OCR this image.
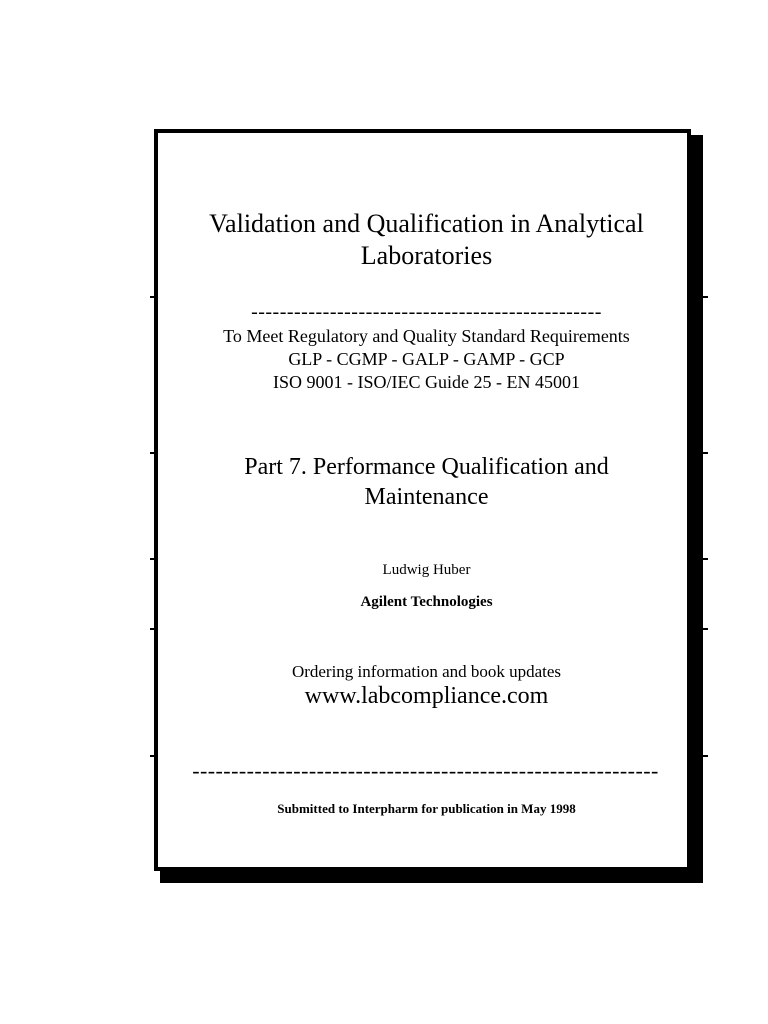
Validation and Qualification in Analytical
Laboratories
-------------------------------------------------
To Meet Regulatory and Quality Standard Requirements
GLP - CGMP - GALP - GAMP - GCP
ISO 9001 - ISO/IEC Guide 25 - EN 45001
Part 7. Performance Qualification and
Maintenance
Ludwig Huber
Agilent Technologies
Ordering information and book updates
www.labcompliance.com
------------------------------------------------------------
Submitted to Interpharm for publication in May 1998
